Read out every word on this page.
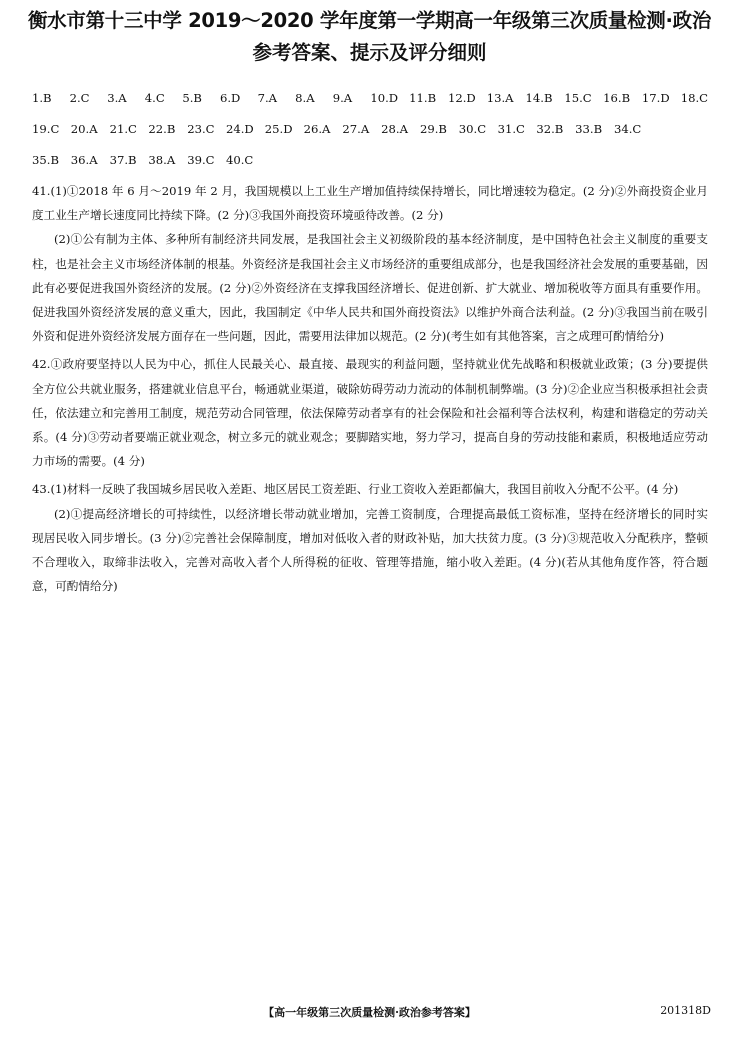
衡水市第十三中学 2019～2020 学年度第一学期高一年级第三次质量检测·政治
参考答案、提示及评分细则
1.B 2.C 3.A 4.C 5.B 6.D 7.A 8.A 9.A 10.D 11.B 12.D 13.A 14.B 15.C 16.B 17.D 18.C
19.C 20.A 21.C 22.B 23.C 24.D 25.D 26.A 27.A 28.A 29.B 30.C 31.C 32.B 33.B 34.C
35.B 36.A 37.B 38.A 39.C 40.C

41.(1)①2018 年 6 月～2019 年 2 月，我国规模以上工业生产增加值持续保持增长，同比增速较为稳定。(2 分)②外商投资企业月度工业生产增长速度同比持续下降。(2 分)③我国外商投资环境亟待改善。(2 分)

(2)①公有制为主体、多种所有制经济共同发展，是我国社会主义初级阶段的基本经济制度，是中国特色社会主义制度的重要支柱，也是社会主义市场经济体制的根基。外资经济是我国社会主义市场经济的重要组成部分，也是我国经济社会发展的重要基础，因此有必要促进我国外资经济的发展。(2 分)②外资经济在支撑我国经济增长、促进创新、扩大就业、增加税收等方面具有重要作用。促进我国外资经济发展的意义重大，因此，我国制定《中华人民共和国外商投资法》以维护外商合法利益。(2 分)③我国当前在吸引外资和促进外资经济发展方面存在一些问题，因此，需要用法律加以规范。(2 分)(考生如有其他答案，言之成理可酌情给分)

42.①政府要坚持以人民为中心，抓住人民最关心、最直接、最现实的利益问题，坚持就业优先战略和积极就业政策；(3 分)要提供全方位公共就业服务，搭建就业信息平台，畅通就业渠道，破除妨碍劳动力流动的体制机制弊端。(3 分)②企业应当积极承担社会责任，依法建立和完善用工制度，规范劳动合同管理，依法保障劳动者享有的社会保险和社会福利等合法权利，构建和谐稳定的劳动关系。(4 分)③劳动者要端正就业观念，树立多元的就业观念；要脚踏实地，努力学习，提高自身的劳动技能和素质，积极地适应劳动力市场的需要。(4 分)

43.(1)材料一反映了我国城乡居民收入差距、地区居民工资差距、行业工资收入差距都偏大，我国目前收入分配不公平。(4 分)

(2)①提高经济增长的可持续性，以经济增长带动就业增加，完善工资制度，合理提高最低工资标准，坚持在经济增长的同时实现居民收入同步增长。(3 分)②完善社会保障制度，增加对低收入者的财政补贴，加大扶贫力度。(3 分)③规范收入分配秩序，整顿不合理收入，取缔非法收入，完善对高收入者个人所得税的征收、管理等措施，缩小收入差距。(4 分)(若从其他角度作答，符合题意，可酌情给分)

【高一年级第三次质量检测·政治参考答案】	201318D
